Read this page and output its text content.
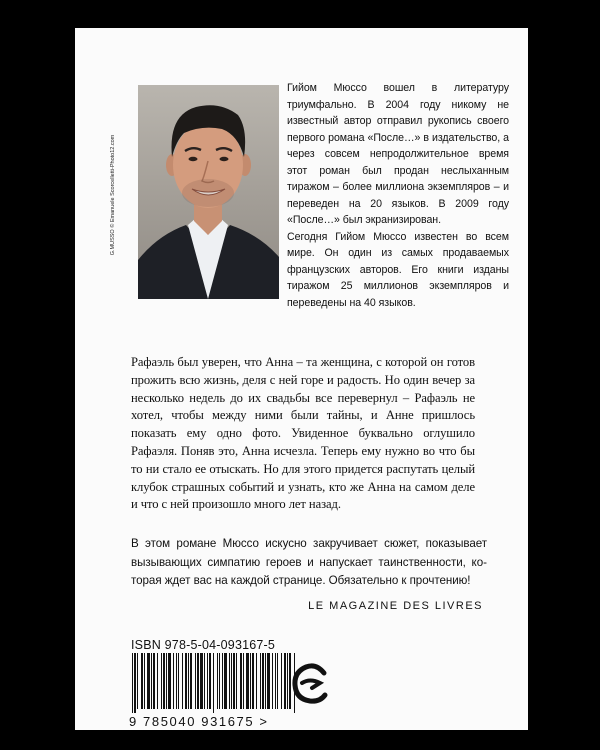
G.MUSSO © Emanuele Scorcelletti-Photo12.com

Гийом Мюссо вошел в литературу триумфально. В 2004 году никому не известный автор отправил рукопись своего первого романа «После…» в издательство, а через совсем непродолжительное время этот роман был продан неслыханным тиражом – более миллиона экземпляров – и переведен на 20 языков. В 2009 году «После…» был экранизирован.

Сегодня Гийом Мюссо известен во всем мире. Он один из самых продаваемых французских авторов. Его книги изданы тиражом 25 миллионов экземпляров и переведены на 40 языков.

Рафаэль был уверен, что Анна – та женщина, с которой он готов прожить всю жизнь, деля с ней горе и радость. Но один вечер за несколько недель до их свадьбы все перевернул – Рафаэль не хотел, чтобы между ними были тайны, и Анне пришлось показать ему одно фото. Увиденное буквально оглушило Рафаэля. Поняв это, Анна исчезла. Теперь ему нужно во что бы то ни стало ее отыскать. Но для этого придется распутать целый клубок страшных событий и узнать, кто же Анна на самом деле и что с ней произошло много лет назад.

В этом романе Мюссо искусно закручивает сюжет, показывает вызывающих симпатию героев и напускает таинственности, которая ждет вас на каждой странице. Обязательно к прочтению!

LE MAGAZINE DES LIVRES
ISBN 978-5-04-093167-5
9 785040 931675 >
